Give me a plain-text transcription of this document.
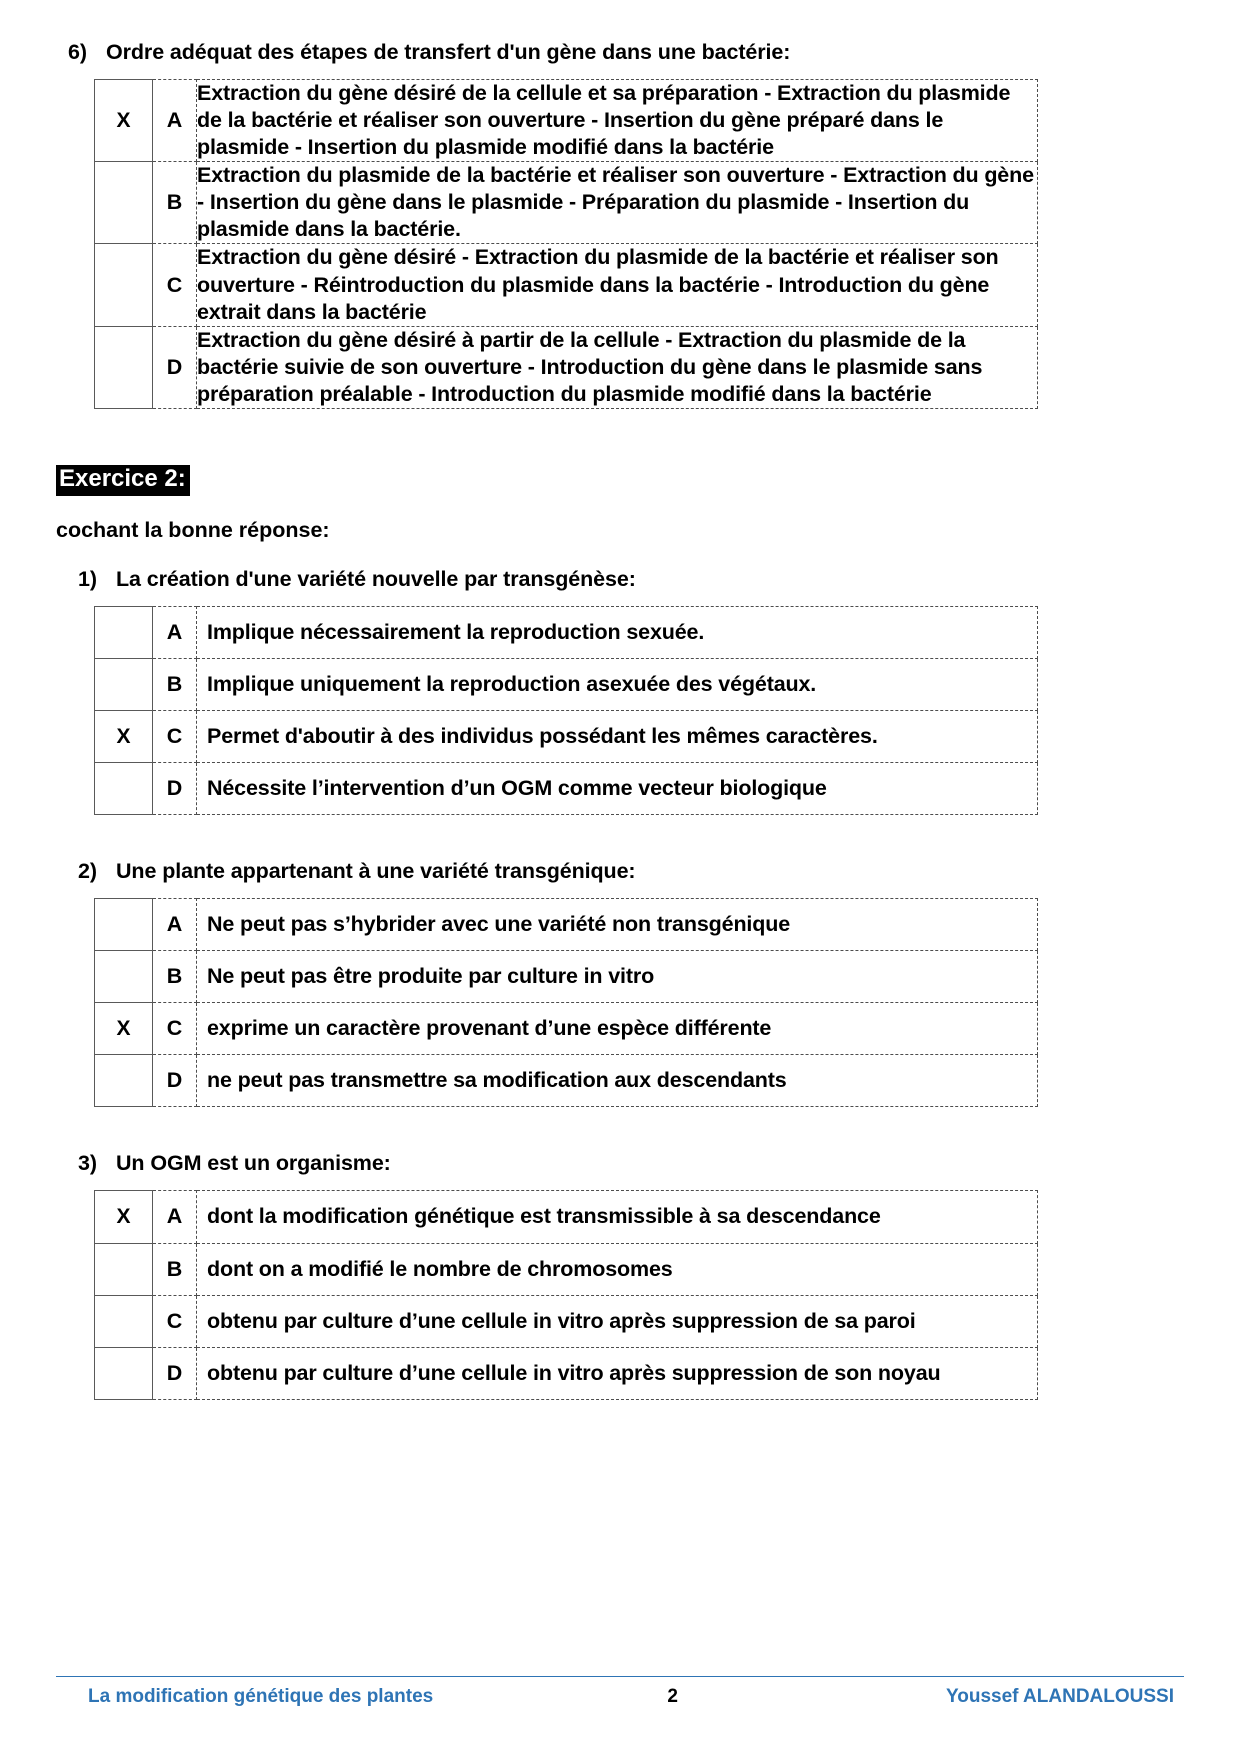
6) Ordre adéquat des étapes de transfert d'un gène dans une bactérie:
X	A	Extraction du gène désiré de la cellule et sa préparation - Extraction du plasmide de la bactérie et réaliser son ouverture - Insertion du gène préparé dans le plasmide - Insertion du plasmide modifié dans la bactérie
	B	Extraction du plasmide de la bactérie et réaliser son ouverture - Extraction du gène - Insertion du gène dans le plasmide - Préparation du plasmide - Insertion du plasmide dans la bactérie.
	C	Extraction du gène désiré - Extraction du plasmide de la bactérie et réaliser son ouverture - Réintroduction du plasmide dans la bactérie - Introduction du gène extrait dans la bactérie
	D	Extraction du gène désiré à partir de la cellule - Extraction du plasmide de la bactérie suivie de son ouverture - Introduction du gène dans le plasmide sans préparation préalable - Introduction du plasmide modifié dans la bactérie
Exercice 2:
cochant la bonne réponse:
1) La création d'une variété nouvelle par transgénèse:
	A	Implique nécessairement la reproduction sexuée.
	B	Implique uniquement la reproduction asexuée des végétaux.
X	C	Permet d'aboutir à des individus possédant les mêmes caractères.
	D	Nécessite l’intervention d’un OGM comme vecteur biologique
2) Une plante appartenant à une variété transgénique:
	A	Ne peut pas s’hybrider avec une variété non transgénique
	B	Ne peut pas être produite par culture in vitro
X	C	exprime un caractère provenant d’une espèce différente
	D	ne peut pas transmettre sa modification aux descendants
3) Un OGM est un organisme:
X	A	dont la modification génétique est transmissible à sa descendance
	B	dont on a modifié le nombre de chromosomes
	C	obtenu par culture d’une cellule in vitro après suppression de sa paroi
	D	obtenu par culture d’une cellule in vitro après suppression de son noyau
La modification génétique des plantes	2	Youssef ALANDALOUSSI
